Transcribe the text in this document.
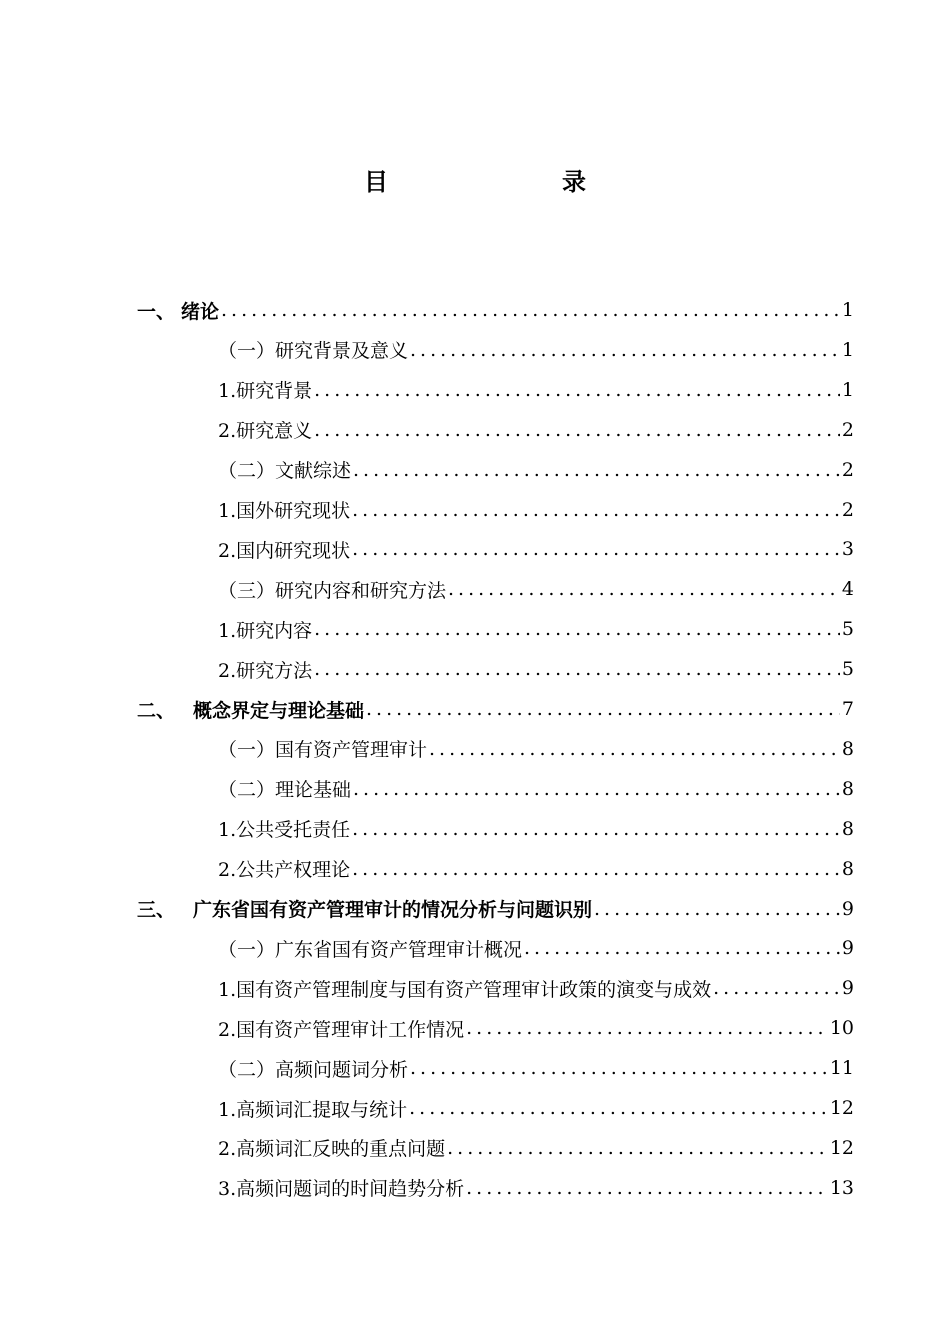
目　　录
一、 绪论 .....	1
（一）研究背景及意义 .....	1
1.研究背景 .....	1
2.研究意义 .....	2
（二）文献综述 .....	2
1.国外研究现状 .....	2
2.国内研究现状 .....	3
（三）研究内容和研究方法 .....	4
1.研究内容 .....	5
2.研究方法 .....	5
二、 概念界定与理论基础 .....	7
（一）国有资产管理审计 .....	8
（二）理论基础 .....	8
1.公共受托责任 .....	8
2.公共产权理论 .....	8
三、 广东省国有资产管理审计的情况分析与问题识别 .....	9
（一）广东省国有资产管理审计概况 .....	9
1.国有资产管理制度与国有资产管理审计政策的演变与成效 .....	9
2.国有资产管理审计工作情况 .....	10
（二）高频问题词分析 .....	11
1.高频词汇提取与统计 .....	12
2.高频词汇反映的重点问题 .....	12
3.高频问题词的时间趋势分析 .....	13
